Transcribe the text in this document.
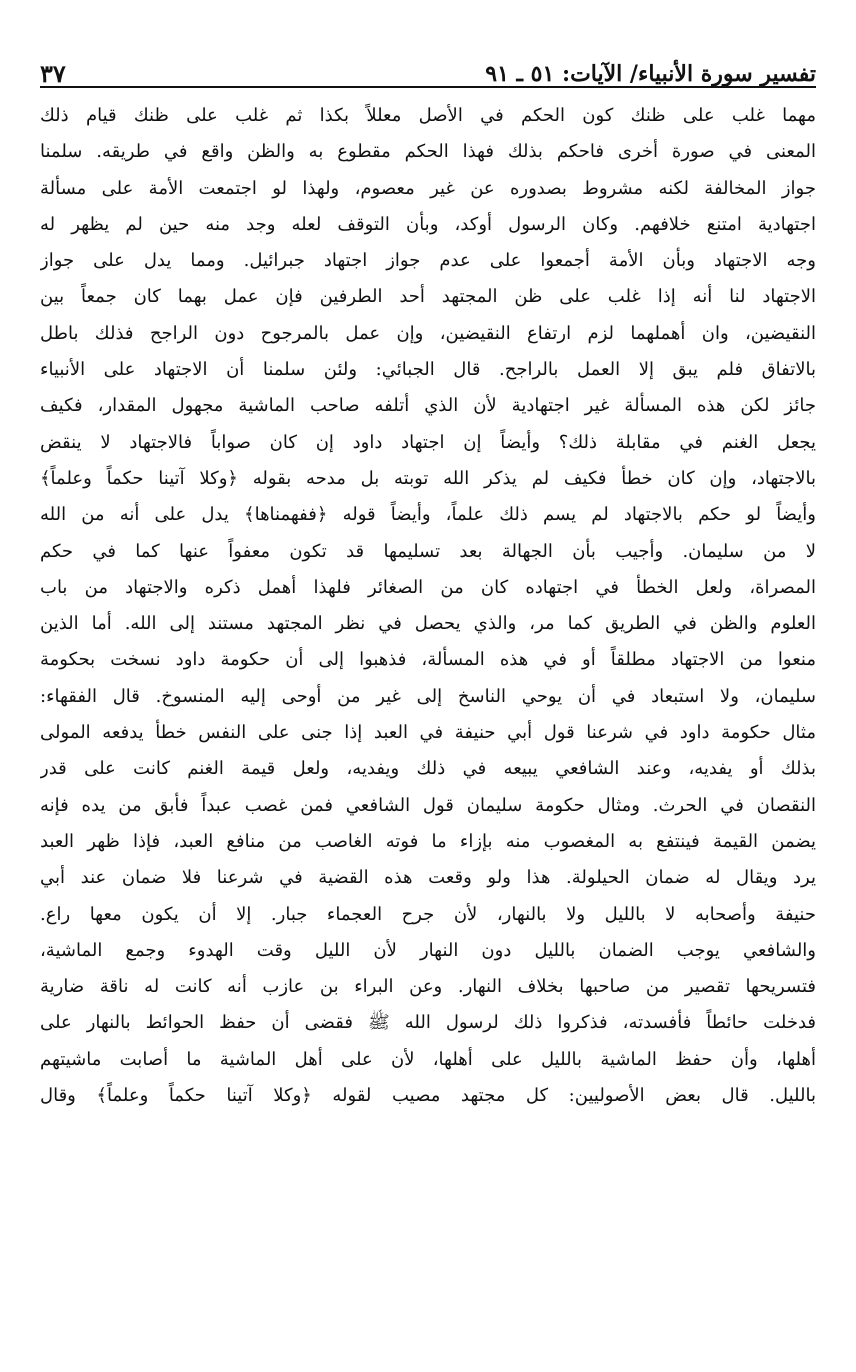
تفسير سورة الأنبياء/ الآيات: ٥١ ـ ٩١
٣٧
مهما غلب على ظنك كون الحكم في الأصل معللاً بكذا ثم غلب على ظنك قيام ذلك
المعنى في صورة أخرى فاحكم بذلك فهذا الحكم مقطوع به والظن واقع في طريقه. سلمنا
جواز المخالفة لكنه مشروط بصدوره عن غير معصوم، ولهذا لو اجتمعت الأمة على مسألة
اجتهادية امتنع خلافهم. وكان الرسول أوكد، وبأن التوقف لعله وجد منه حين لم يظهر له
وجه الاجتهاد وبأن الأمة أجمعوا على عدم جواز اجتهاد جبرائيل. ومما يدل على جواز
الاجتهاد لنا أنه إذا غلب على ظن المجتهد أحد الطرفين فإن عمل بهما كان جمعاً بين
النقيضين، وان أهملهما لزم ارتفاع النقيضين، وإن عمل بالمرجوح دون الراجح فذلك باطل
بالاتفاق فلم يبق إلا العمل بالراجح. قال الجبائي: ولئن سلمنا أن الاجتهاد على الأنبياء
جائز لكن هذه المسألة غير اجتهادية لأن الذي أتلفه صاحب الماشية مجهول المقدار، فكيف
يجعل الغنم في مقابلة ذلك؟ وأيضاً إن اجتهاد داود إن كان صواباً فالاجتهاد لا ينقض
بالاجتهاد، وإن كان خطأ فكيف لم يذكر الله توبته بل مدحه بقوله ﴿وكلا آتينا حكماً وعلماً﴾
وأيضاً لو حكم بالاجتهاد لم يسم ذلك علماً، وأيضاً قوله ﴿ففهمناها﴾ يدل على أنه من الله
لا من سليمان. وأجيب بأن الجهالة بعد تسليمها قد تكون معفواً عنها كما في حكم
المصراة، ولعل الخطأ في اجتهاده كان من الصغائر فلهذا أهمل ذكره والاجتهاد من باب
العلوم والظن في الطريق كما مر، والذي يحصل في نظر المجتهد مستند إلى الله. أما الذين
منعوا من الاجتهاد مطلقاً أو في هذه المسألة، فذهبوا إلى أن حكومة داود نسخت بحكومة
سليمان، ولا استبعاد في أن يوحي الناسخ إلى غير من أوحى إليه المنسوخ. قال الفقهاء:
مثال حكومة داود في شرعنا قول أبي حنيفة في العبد إذا جنى على النفس خطأ يدفعه المولى
بذلك أو يفديه، وعند الشافعي يبيعه في ذلك ويفديه، ولعل قيمة الغنم كانت على قدر
النقصان في الحرث. ومثال حكومة سليمان قول الشافعي فمن غصب عبداً فأبق من يده فإنه
يضمن القيمة فينتفع به المغصوب منه بإزاء ما فوته الغاصب من منافع العبد، فإذا ظهر العبد
يرد ويقال له ضمان الحيلولة. هذا ولو وقعت هذه القضية في شرعنا فلا ضمان عند أبي
حنيفة وأصحابه لا بالليل ولا بالنهار، لأن جرح العجماء جبار. إلا أن يكون معها راع.
والشافعي يوجب الضمان بالليل دون النهار لأن الليل وقت الهدوء وجمع الماشية،
فتسريحها تقصير من صاحبها بخلاف النهار. وعن البراء بن عازب أنه كانت له ناقة ضارية
فدخلت حائطاً فأفسدته، فذكروا ذلك لرسول الله ﷺ فقضى أن حفظ الحوائط بالنهار على
أهلها، وأن حفظ الماشية بالليل على أهلها، لأن على أهل الماشية ما أصابت ماشيتهم
بالليل. قال بعض الأصوليين: كل مجتهد مصيب لقوله ﴿وكلا آتينا حكماً وعلماً﴾ وقال
